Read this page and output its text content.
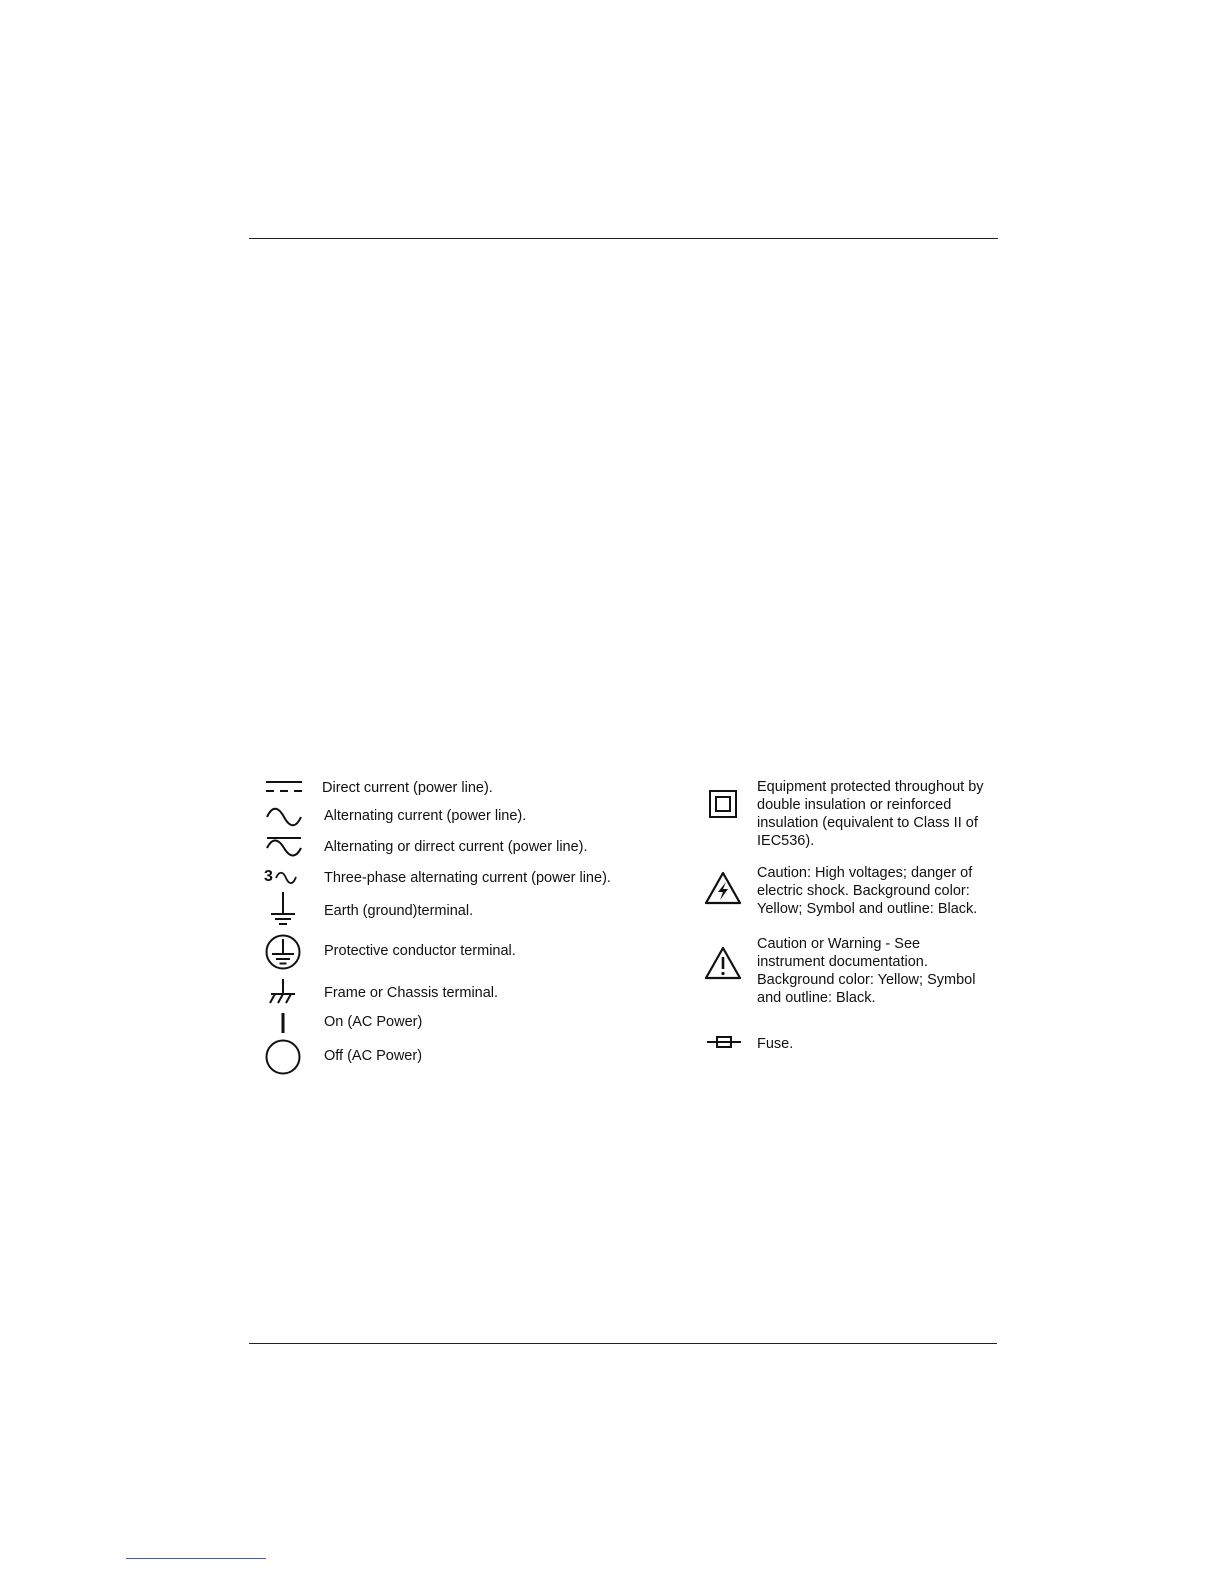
Direct current (power line).
Alternating current (power line).
Alternating or dirrect current (power line).
3	Three-phase alternating current (power line).
Earth (ground)terminal.
Protective conductor terminal.
Frame or Chassis terminal.
On (AC Power)
Off (AC Power)
Equipment protected throughout by
double insulation or reinforced
insulation (equivalent to Class II of
IEC536).
Caution: High voltages; danger of
electric shock. Background color:
Yellow; Symbol and outline: Black.
Caution or Warning - See
instrument documentation.
Background color: Yellow; Symbol
and outline: Black.
Fuse.
